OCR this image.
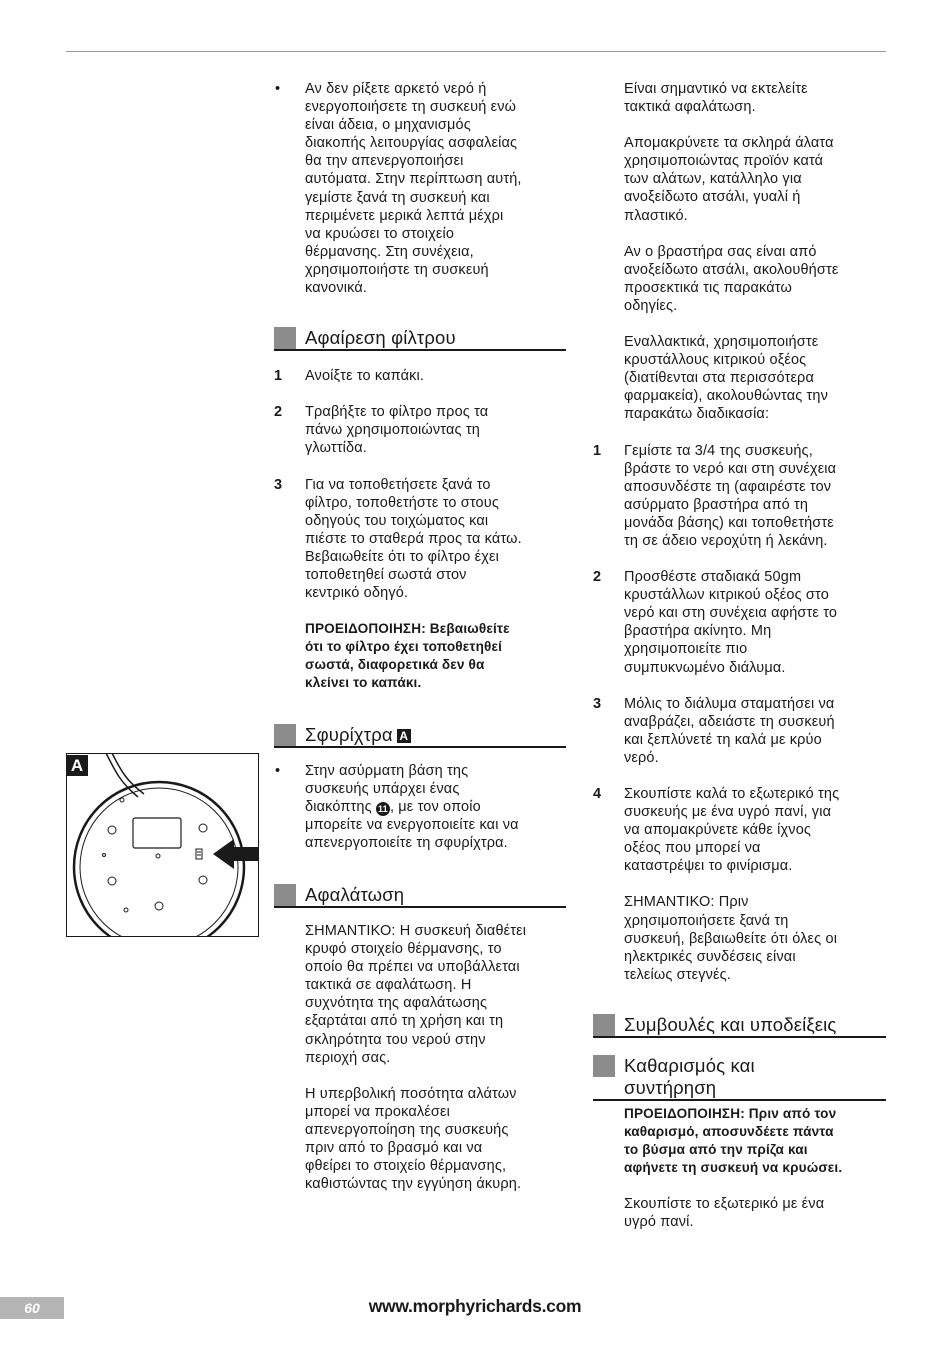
• Αν δεν ρίξετε αρκετό νερό ή
ενεργοποιήσετε τη συσκευή ενώ
είναι άδεια, ο μηχανισμός
διακοπής λειτουργίας ασφαλείας
θα την απενεργοποιήσει
αυτόματα. Στην περίπτωση αυτή,
γεμίστε ξανά τη συσκευή και
περιμένετε μερικά λεπτά μέχρι
να κρυώσει το στοιχείο
θέρμανσης. Στη συνέχεια,
χρησιμοποιήστε τη συσκευή
κανονικά.
Αφαίρεση φίλτρου
1 Ανοίξτε το καπάκι.
2 Τραβήξτε το φίλτρο προς τα
πάνω χρησιμοποιώντας τη
γλωττίδα.
3 Για να τοποθετήσετε ξανά το
φίλτρο, τοποθετήστε το στους
οδηγούς του τοιχώματος και
πιέστε το σταθερά προς τα κάτω.
Βεβαιωθείτε ότι το φίλτρο έχει
τοποθετηθεί σωστά στον
κεντρικό οδηγό.
ΠΡΟΕΙΔΟΠΟΙΗΣΗ: Βεβαιωθείτε
ότι το φίλτρο έχει τοποθετηθεί
σωστά, διαφορετικά δεν θα
κλείνει το καπάκι.
Σφυρίχτρα A
• Στην ασύρματη βάση της
συσκευής υπάρχει ένας
διακόπτης 11 , με τον οποίο
μπορείτε να ενεργοποιείτε και να
απενεργοποιείτε τη σφυρίχτρα.
Αφαλάτωση
ΣΗΜΑΝΤΙΚΟ: Η συσκευή διαθέτει
κρυφό στοιχείο θέρμανσης, το
οποίο θα πρέπει να υποβάλλεται
τακτικά σε αφαλάτωση. Η
συχνότητα της αφαλάτωσης
εξαρτάται από τη χρήση και τη
σκληρότητα του νερού στην
περιοχή σας.
Η υπερβολική ποσότητα αλάτων
μπορεί να προκαλέσει
απενεργοποίηση της συσκευής
πριν από το βρασμό και να
φθείρει το στοιχείο θέρμανσης,
καθιστώντας την εγγύηση άκυρη.
Είναι σημαντικό να εκτελείτε
τακτικά αφαλάτωση.
Απομακρύνετε τα σκληρά άλατα
χρησιμοποιώντας προϊόν κατά
των αλάτων, κατάλληλο για
ανοξείδωτο ατσάλι, γυαλί ή
πλαστικό.
Αν ο βραστήρα σας είναι από
ανοξείδωτο ατσάλι, ακολουθήστε
προσεκτικά τις παρακάτω
οδηγίες.
Εναλλακτικά, χρησιμοποιήστε
κρυστάλλους κιτρικού οξέος
(διατίθενται στα περισσότερα
φαρμακεία), ακολουθώντας την
παρακάτω διαδικασία:
1 Γεμίστε τα 3/4 της συσκευής,
βράστε το νερό και στη συνέχεια
αποσυνδέστε τη (αφαιρέστε τον
ασύρματο βραστήρα από τη
μονάδα βάσης) και τοποθετήστε
τη σε άδειο νεροχύτη ή λεκάνη.
2 Προσθέστε σταδιακά 50gm
κρυστάλλων κιτρικού οξέος στο
νερό και στη συνέχεια αφήστε το
βραστήρα ακίνητο. Μη
χρησιμοποιείτε πιο
συμπυκνωμένο διάλυμα.
3 Μόλις το διάλυμα σταματήσει να
αναβράζει, αδειάστε τη συσκευή
και ξεπλύνετέ τη καλά με κρύο
νερό.
4 Σκουπίστε καλά το εξωτερικό της
συσκευής με ένα υγρό πανί, για
να απομακρύνετε κάθε ίχνος
οξέος που μπορεί να
καταστρέψει το φινίρισμα.
ΣΗΜΑΝΤΙΚΟ: Πριν
χρησιμοποιήσετε ξανά τη
συσκευή, βεβαιωθείτε ότι όλες οι
ηλεκτρικές συνδέσεις είναι
τελείως στεγνές.
Συμβουλές και υποδείξεις
Καθαρισμός και
συντήρηση
ΠΡΟΕΙΔΟΠΟΙΗΣΗ: Πριν από τον
καθαρισμό, αποσυνδέετε πάντα
το βύσμα από την πρίζα και
αφήνετε τη συσκευή να κρυώσει.
Σκουπίστε το εξωτερικό με ένα
υγρό πανί.
A
60	www.morphyrichards.com
